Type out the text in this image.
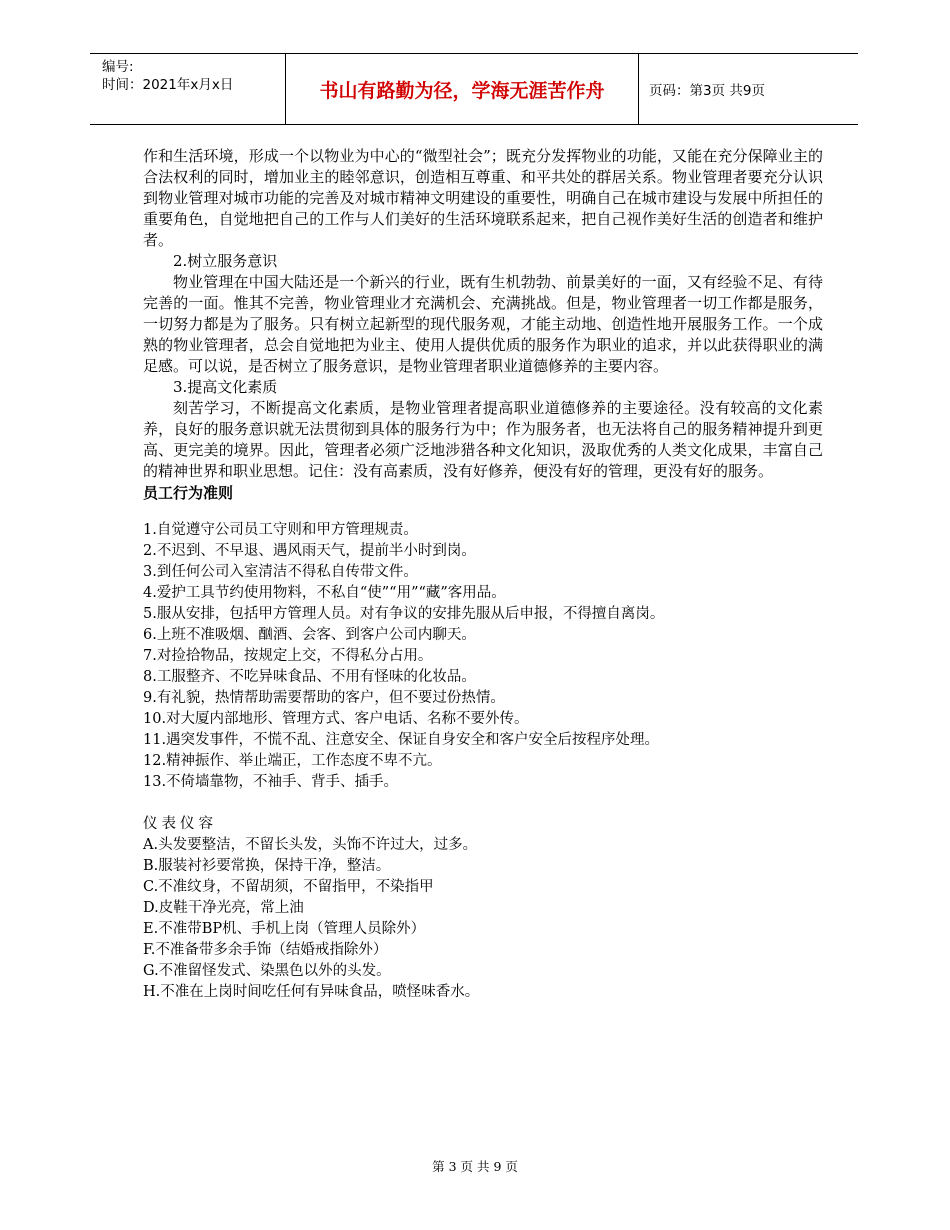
编号:
时间：2021年x月x日	书山有路勤为径，学海无涯苦作舟	页码：第3页 共9页

作和生活环境，形成一个以物业为中心的“微型社会”；既充分发挥物业的功能，又能在充分保障业主的合法权利的同时，增加业主的睦邻意识，创造相互尊重、和平共处的群居关系。物业管理者要充分认识到物业管理对城市功能的完善及对城市精神文明建设的重要性，明确自己在城市建设与发展中所担任的重要角色，自觉地把自己的工作与人们美好的生活环境联系起来，把自己视作美好生活的创造者和维护者。

2.树立服务意识

物业管理在中国大陆还是一个新兴的行业，既有生机勃勃、前景美好的一面，又有经验不足、有待完善的一面。惟其不完善，物业管理业才充满机会、充满挑战。但是，物业管理者一切工作都是服务，一切努力都是为了服务。只有树立起新型的现代服务观，才能主动地、创造性地开展服务工作。一个成熟的物业管理者，总会自觉地把为业主、使用人提供优质的服务作为职业的追求，并以此获得职业的满足感。可以说，是否树立了服务意识，是物业管理者职业道德修养的主要内容。

3.提高文化素质

刻苦学习，不断提高文化素质，是物业管理者提高职业道德修养的主要途径。没有较高的文化素养，良好的服务意识就无法贯彻到具体的服务行为中；作为服务者，也无法将自己的服务精神提升到更高、更完美的境界。因此，管理者必须广泛地涉猎各种文化知识，汲取优秀的人类文化成果，丰富自己的精神世界和职业思想。记住：没有高素质，没有好修养，便没有好的管理，更没有好的服务。

员工行为准则

1.自觉遵守公司员工守则和甲方管理规责。

2.不迟到、不早退、遇风雨天气，提前半小时到岗。

3.到任何公司入室清洁不得私自传带文件。

4.爱护工具节约使用物料，不私自“使”“用”“藏”客用品。

5.服从安排，包括甲方管理人员。对有争议的安排先服从后申报，不得擅自离岗。

6.上班不准吸烟、酗酒、会客、到客户公司内聊天。

7.对捡拾物品，按规定上交，不得私分占用。

8.工服整齐、不吃异味食品、不用有怪味的化妆品。

9.有礼貌，热情帮助需要帮助的客户，但不要过份热情。

10.对大厦内部地形、管理方式、客户电话、名称不要外传。

11.遇突发事件，不慌不乱、注意安全、保证自身安全和客户安全后按程序处理。

12.精神振作、举止端正，工作态度不卑不亢。

13.不倚墙靠物，不袖手、背手、插手。

仪表仪容

A.头发要整洁，不留长头发，头饰不许过大，过多。

B.服装衬衫要常换，保持干净，整洁。

C.不准纹身，不留胡须，不留指甲，不染指甲

D.皮鞋干净光亮，常上油

E.不准带BP机、手机上岗（管理人员除外）

F.不准备带多余手饰（结婚戒指除外）

G.不准留怪发式、染黑色以外的头发。

H.不准在上岗时间吃任何有异味食品，喷怪味香水。

第 3 页 共 9 页
